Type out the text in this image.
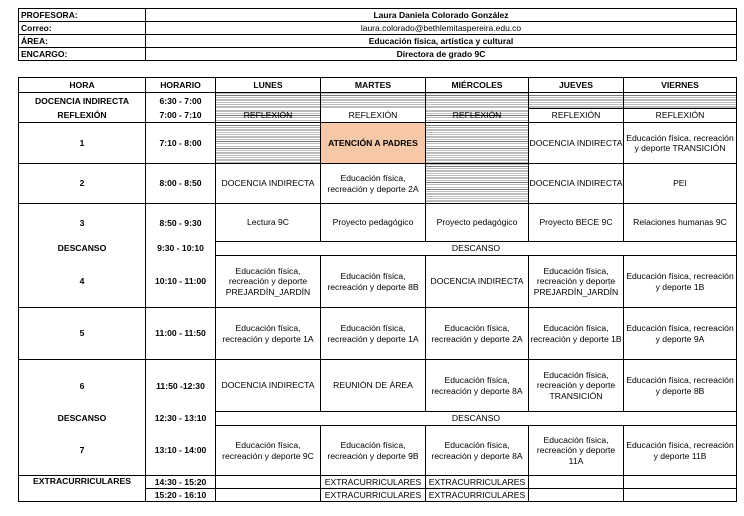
PROFESORA:	Laura Daniela Colorado González
Correo:	laura.colorado@bethlemitaspereira.edu.co
ÁREA:	Educación física, artística y cultural
ENCARGO:	Directora de grado 9C
HORA	HORARIO	LUNES	MARTES	MIÉRCOLES	JUEVES	VIERNES
DOCENCIA INDIRECTA	6:30 - 7:00					
REFLEXIÓN	7:00 - 7:10	REFLEXIÓN	REFLEXIÓN	REFLEXIÓN	REFLEXIÓN	REFLEXIÓN
1	7:10 - 8:00		ATENCIÓN A PADRES		DOCENCIA INDIRECTA	Educación física, recreación y deporte TRANSICIÓN
2	8:00 - 8:50	DOCENCIA INDIRECTA	Educación física, recreación y deporte 2A		DOCENCIA INDIRECTA	PEI
3	8:50 - 9:30	Lectura 9C	Proyecto pedagógico	Proyecto pedagógico	Proyecto BECE 9C	Relaciones humanas 9C
DESCANSO	9:30 - 10:10	DESCANSO				
4	10:10 - 11:00	Educación física, recreación y deporte PREJARDÍN_JARDÍN	Educación física, recreación y deporte 8B	DOCENCIA INDIRECTA	Educación física, recreación y deporte PREJARDÍN_JARDÍN	Educación física, recreación y deporte 1B
5	11:00 - 11:50	Educación física, recreación y deporte 1A	Educación física, recreación y deporte 1A	Educación física, recreación y deporte 2A	Educación física, recreación y deporte 1B	Educación física, recreación y deporte 9A
6	11:50 -12:30	DOCENCIA INDIRECTA	REUNIÓN DE ÁREA	Educación física, recreación y deporte 8A	Educación física, recreación y deporte TRANSICIÓN	Educación física, recreación y deporte 8B
DESCANSO	12:30 - 13:10	DESCANSO				
7	13:10 - 14:00	Educación física, recreación y deporte 9C	Educación física, recreación y deporte 9B	Educación física, recreación y deporte 8A	Educación física, recreación y deporte 11A	Educación física, recreación y deporte 11B
EXTRACURRICULARES	14:30 - 15:20		EXTRACURRICULARES	EXTRACURRICULARES		
	15:20 - 16:10		EXTRACURRICULARES	EXTRACURRICULARES		
